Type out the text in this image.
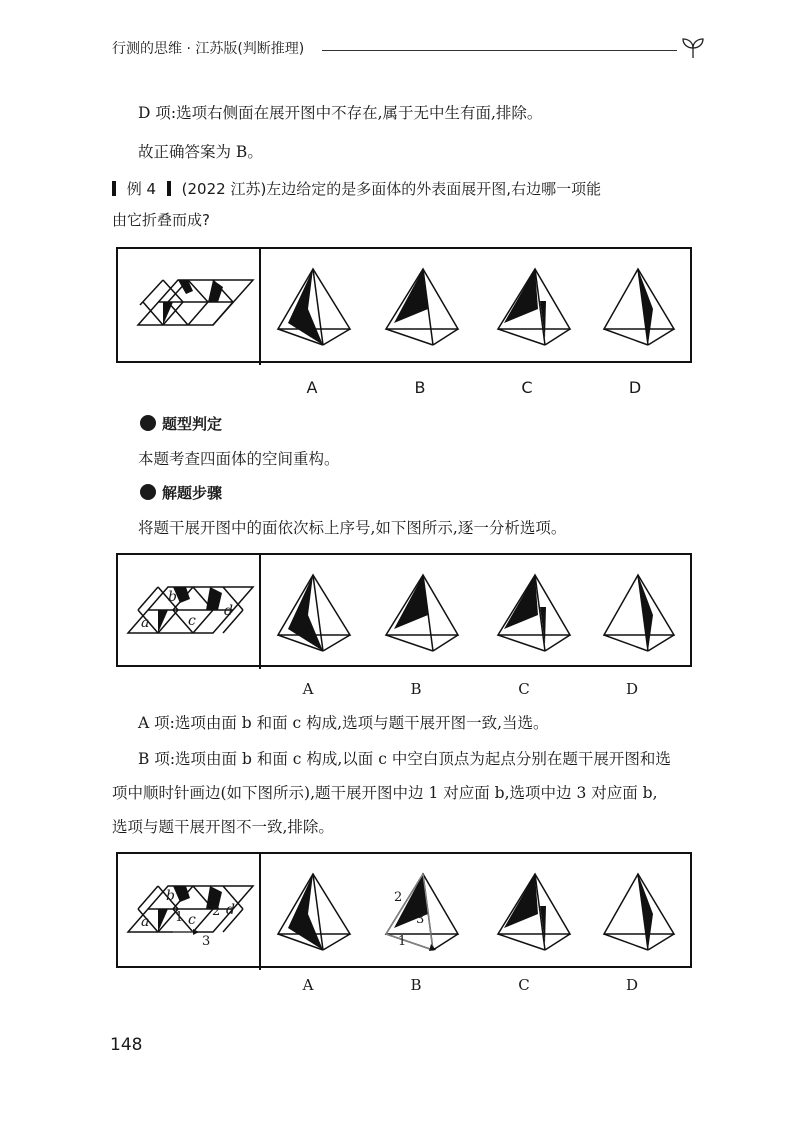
行测的思维 · 江苏版(判断推理)
D 项:选项右侧面在展开图中不存在,属于无中生有面,排除。
故正确答案为 B。
例 4 (2022 江苏)左边给定的是多面体的外表面展开图,右边哪一项能
由它折叠而成?
A	B	C	D
题型判定
本题考查四面体的空间重构。
解题步骤
将题干展开图中的面依次标上序号,如下图所示,逐一分析选项。
a
b
c
d
A	B	C	D
A 项:选项由面 b 和面 c 构成,选项与题干展开图一致,当选。
B 项:选项由面 b 和面 c 构成,以面 c 中空白顶点为起点分别在题干展开图和选
项中顺时针画边(如下图所示),题干展开图中边 1 对应面 b,选项中边 3 对应面 b,
选项与题干展开图不一致,排除。
a
b
c
d
1 2
3
2
3
1
A	B	C	D
148
